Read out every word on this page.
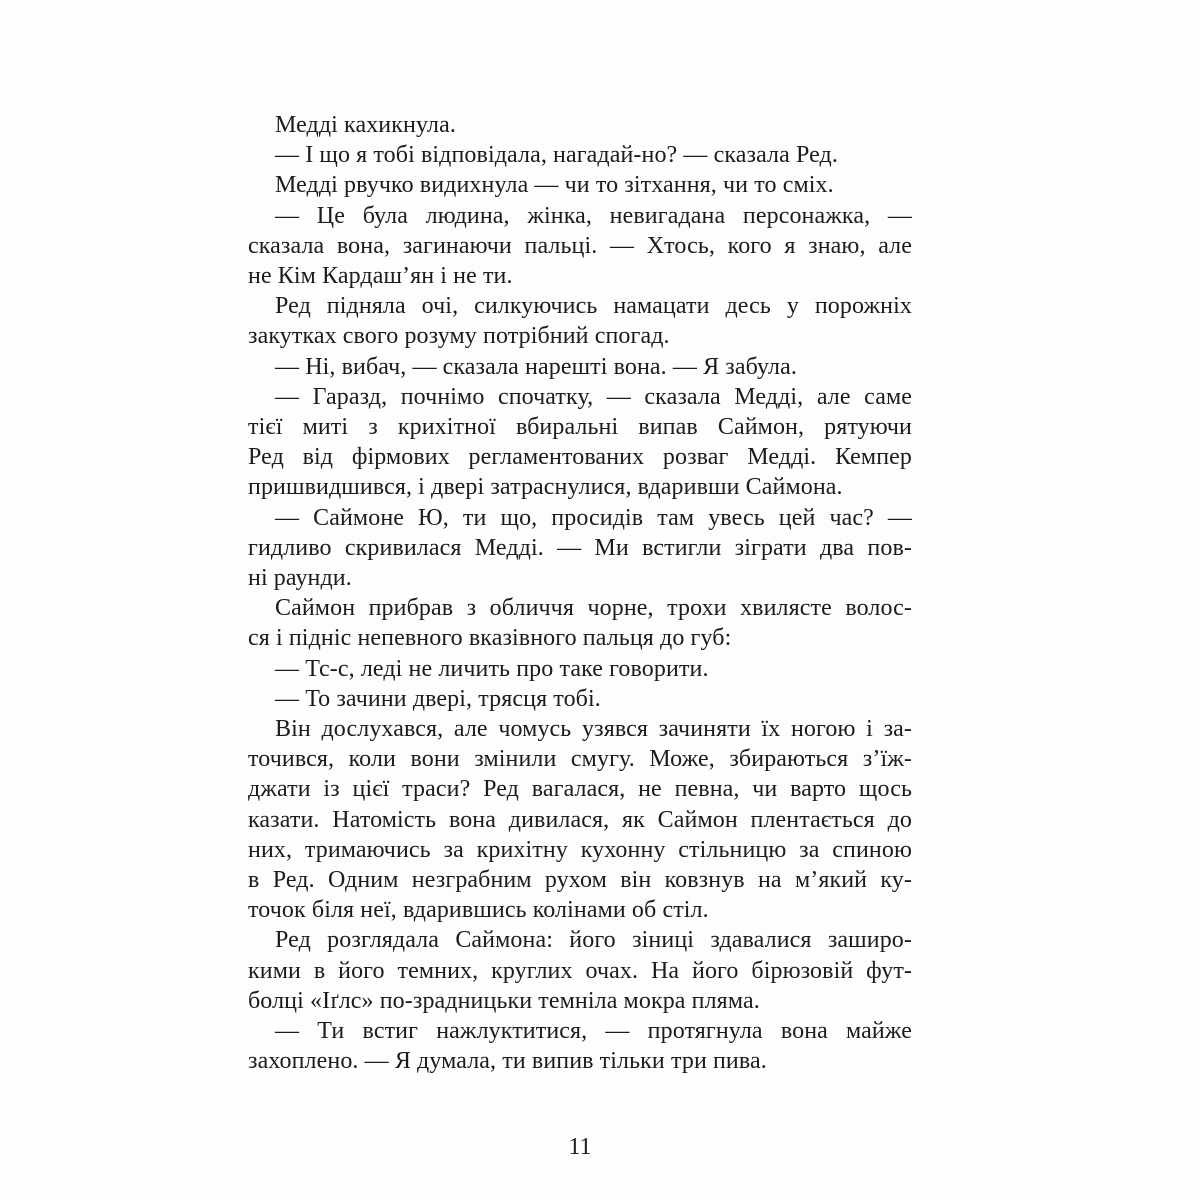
Медді кахикнула.
— І що я тобі відповідала, нагадай-но? — сказала Ред.
Медді рвучко видихнула — чи то зітхання, чи то сміх.
— Це була людина, жінка, невигадана персонажка, —
сказала вона, загинаючи пальці. — Хтось, кого я знаю, але
не Кім Кардаш’ян і не ти.
Ред підняла очі, силкуючись намацати десь у порожніх
закутках свого розуму потрібний спогад.
— Ні, вибач, — сказала нарешті вона. — Я забула.
— Гаразд, почнімо спочатку, — сказала Медді, але саме
тієї миті з крихітної вбиральні випав Саймон, рятуючи
Ред від фірмових регламентованих розваг Медді. Кемпер
пришвидшився, і двері затраснулися, вдаривши Саймона.
— Саймоне Ю, ти що, просидів там увесь цей час? —
гидливо скривилася Медді. — Ми встигли зіграти два пов-
ні раунди.
Саймон прибрав з обличчя чорне, трохи хвилясте волос-
ся і підніс непевного вказівного пальця до губ:
— Тс-с, леді не личить про таке говорити.
— То зачини двері, трясця тобі.
Він дослухався, але чомусь узявся зачиняти їх ногою і за-
точився, коли вони змінили смугу. Може, збираються з’їж-
джати із цієї траси? Ред вагалася, не певна, чи варто щось
казати. Натомість вона дивилася, як Саймон плентається до
них, тримаючись за крихітну кухонну стільницю за спиною
в Ред. Одним незграбним рухом він ковзнув на м’який ку-
точок біля неї, вдарившись колінами об стіл.
Ред розглядала Саймона: його зіниці здавалися заширо-
кими в його темних, круглих очах. На його бірюзовій фут-
болці «Іґлс» по-зрадницьки темніла мокра пляма.
— Ти встиг нажлуктитися, — протягнула вона майже
захоплено. — Я думала, ти випив тільки три пива.
11
